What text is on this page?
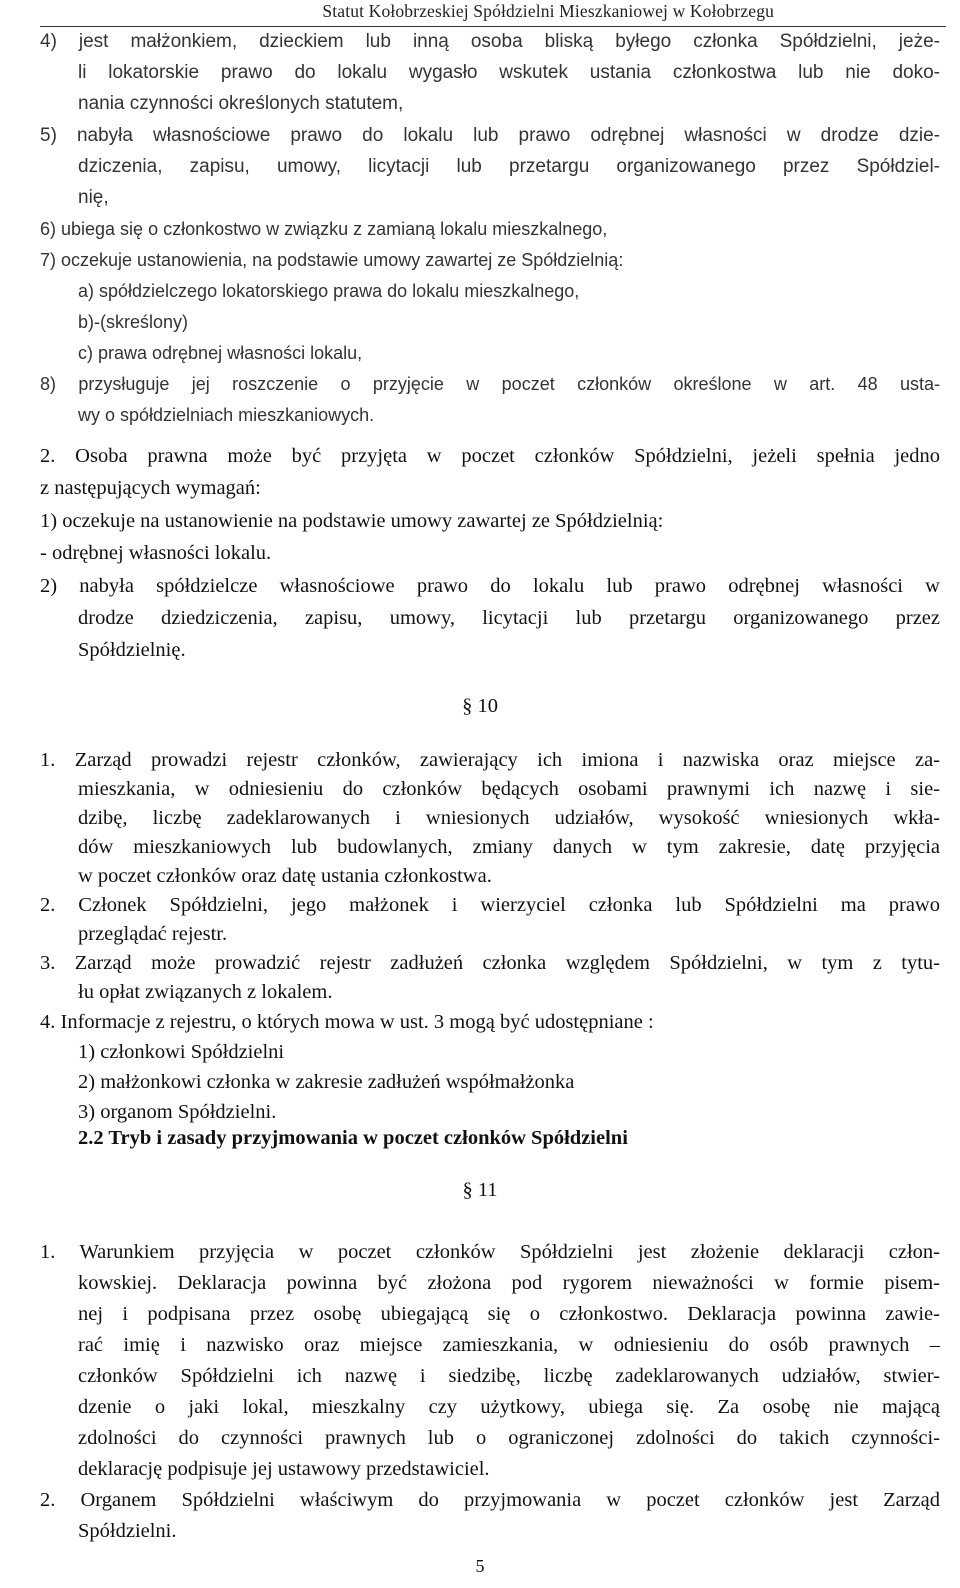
Statut Kołobrzeskiej Spółdzielni Mieszkaniowej w Kołobrzegu
4) jest małżonkiem, dzieckiem lub inną osoba bliską byłego członka Spółdzielni, jeże-
li lokatorskie prawo do lokalu wygasło wskutek ustania członkostwa lub nie doko-
nania czynności określonych statutem,
5) nabyła własnościowe prawo do lokalu lub prawo odrębnej własności w drodze dzie-
dziczenia, zapisu, umowy, licytacji lub przetargu organizowanego przez Spółdziel-
nię,
6) ubiega się o członkostwo w związku z zamianą lokalu mieszkalnego,
7) oczekuje ustanowienia, na podstawie umowy zawartej ze Spółdzielnią:
a) spółdzielczego lokatorskiego prawa do lokalu mieszkalnego,
b)-(skreślony)
c) prawa odrębnej własności lokalu,
8) przysługuje jej roszczenie o przyjęcie w poczet członków określone w art. 48 usta-
wy o spółdzielniach mieszkaniowych.
2. Osoba prawna może być przyjęta w poczet członków Spółdzielni, jeżeli spełnia jedno
z następujących wymagań:
1) oczekuje na ustanowienie na podstawie umowy zawartej ze Spółdzielnią:
- odrębnej własności lokalu.
2) nabyła spółdzielcze własnościowe prawo do lokalu lub prawo odrębnej własności w
drodze dziedziczenia, zapisu, umowy, licytacji lub przetargu organizowanego przez
Spółdzielnię.
§ 10
1. Zarząd prowadzi rejestr członków, zawierający ich imiona i nazwiska oraz miejsce za-
mieszkania, w odniesieniu do członków będących osobami prawnymi ich nazwę i sie-
dzibę, liczbę zadeklarowanych i wniesionych udziałów, wysokość wniesionych wkła-
dów mieszkaniowych lub budowlanych, zmiany danych w tym zakresie, datę przyjęcia
w poczet członków oraz datę ustania członkostwa.
2. Członek Spółdzielni, jego małżonek i wierzyciel członka lub Spółdzielni ma prawo
przeglądać rejestr.
3. Zarząd może prowadzić rejestr zadłużeń członka względem Spółdzielni, w tym z tytu-
łu opłat związanych z lokalem.
4. Informacje z rejestru, o których mowa w ust. 3 mogą być udostępniane :
1) członkowi Spółdzielni
2) małżonkowi członka w zakresie zadłużeń współmałżonka
3) organom Spółdzielni.
2.2 Tryb i zasady przyjmowania w poczet członków Spółdzielni
§ 11
1. Warunkiem przyjęcia w poczet członków Spółdzielni jest złożenie deklaracji człon-
kowskiej. Deklaracja powinna być złożona pod rygorem nieważności w formie pisem-
nej i podpisana przez osobę ubiegającą się o członkostwo. Deklaracja powinna zawie-
rać imię i nazwisko oraz miejsce zamieszkania, w odniesieniu do osób prawnych –
członków Spółdzielni ich nazwę i siedzibę, liczbę zadeklarowanych udziałów, stwier-
dzenie o jaki lokal, mieszkalny czy użytkowy, ubiega się. Za osobę nie mającą
zdolności do czynności prawnych lub o ograniczonej zdolności do takich czynności-
deklarację podpisuje jej ustawowy przedstawiciel.
2. Organem Spółdzielni właściwym do przyjmowania w poczet członków jest Zarząd
Spółdzielni.
5
